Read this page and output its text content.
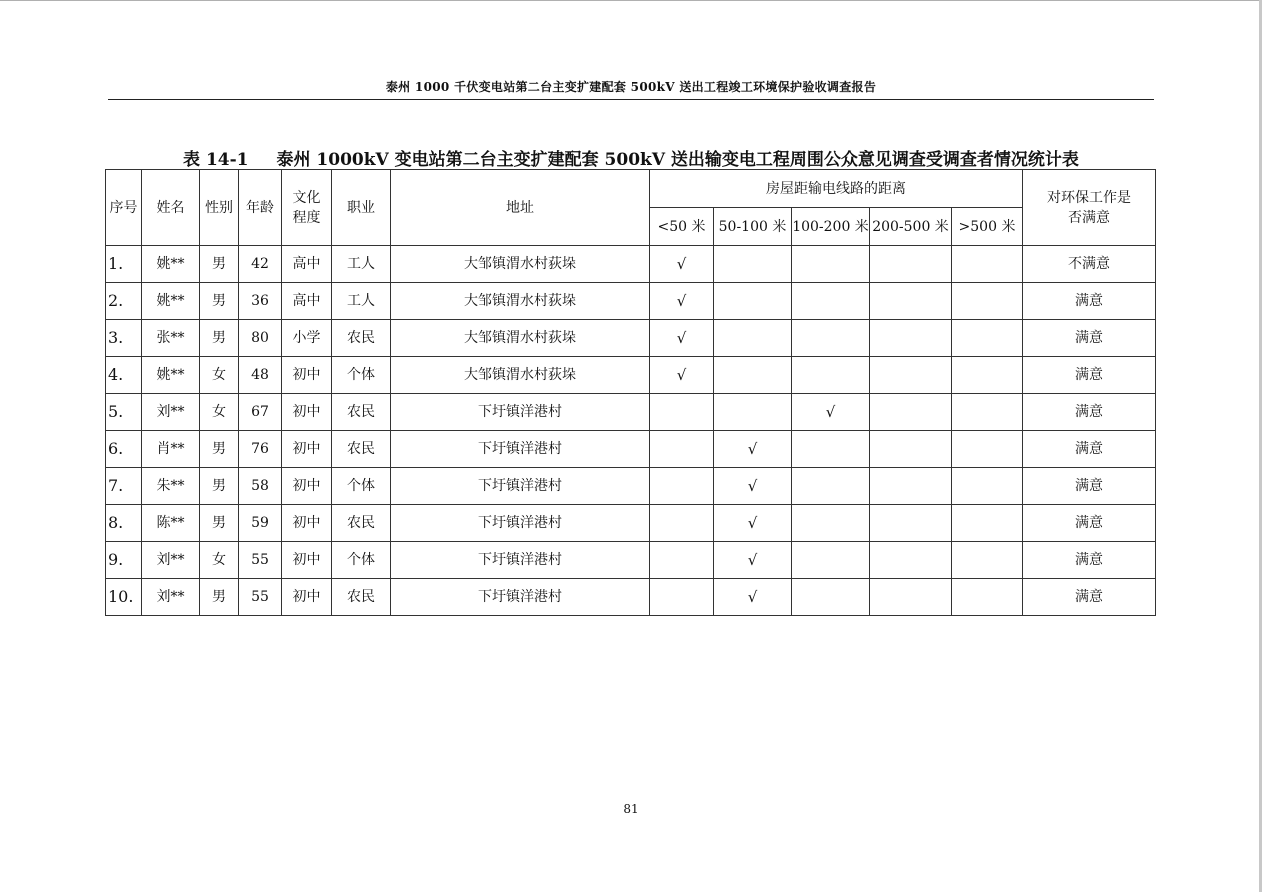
泰州 1000 千伏变电站第二台主变扩建配套 500kV 送出工程竣工环境保护验收调查报告
表 14-1 泰州 1000kV 变电站第二台主变扩建配套 500kV 送出输变电工程周围公众意见调查受调查者情况统计表
序号	姓名	性别	年龄	文化程度	职业	地址	房屋距输电线路的距离					对环保工作是否满意

							<50 米	50-100 米	100-200 米	200-500 米	>500 米	
1.	姚**	男	42	高中	工人	大邹镇渭水村荻垛	√					不满意
2.	姚**	男	36	高中	工人	大邹镇渭水村荻垛	√					满意
3.	张**	男	80	小学	农民	大邹镇渭水村荻垛	√					满意
4.	姚**	女	48	初中	个体	大邹镇渭水村荻垛	√					满意
5.	刘**	女	67	初中	农民	下圩镇洋港村			√			满意
6.	肖**	男	76	初中	农民	下圩镇洋港村		√				满意
7.	朱**	男	58	初中	个体	下圩镇洋港村		√				满意
8.	陈**	男	59	初中	农民	下圩镇洋港村		√				满意
9.	刘**	女	55	初中	个体	下圩镇洋港村		√				满意
10.	刘**	男	55	初中	农民	下圩镇洋港村		√				满意
81
